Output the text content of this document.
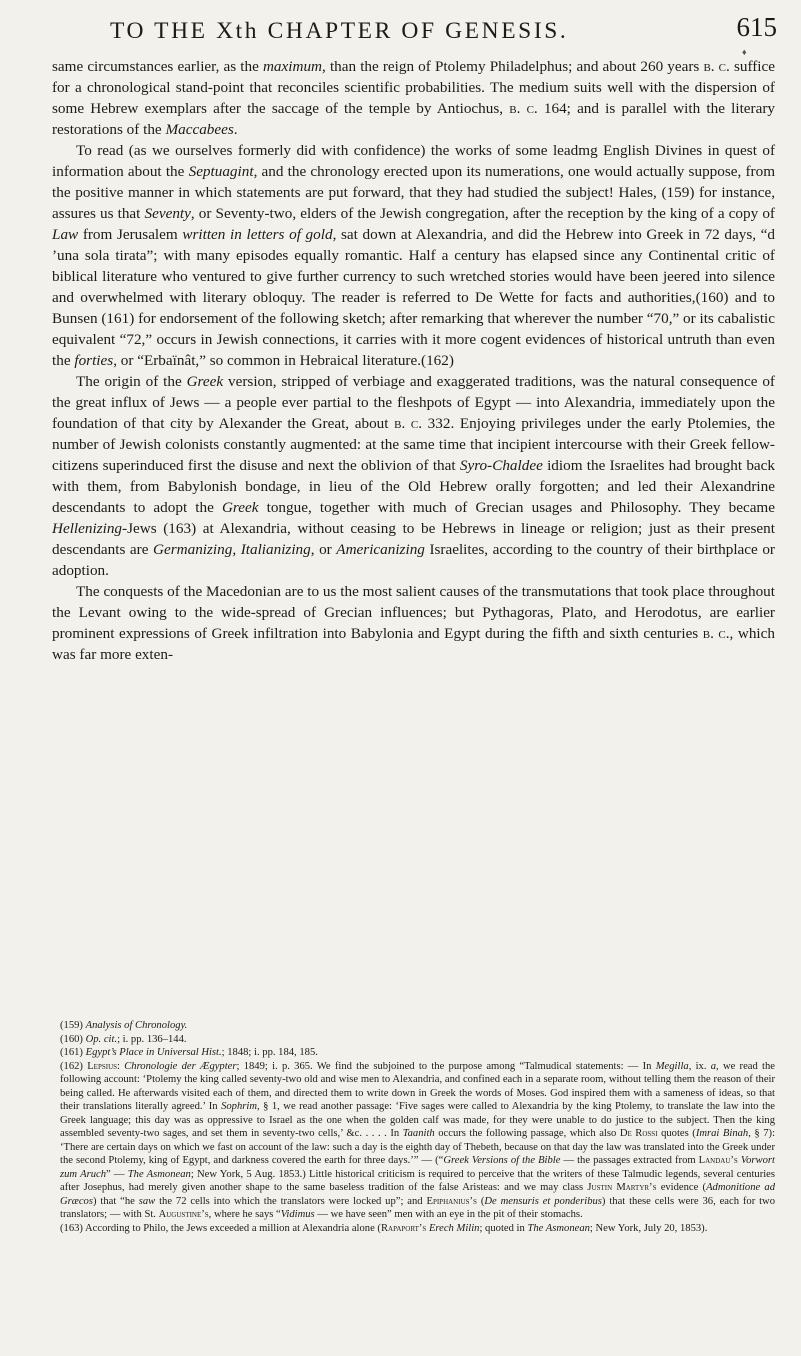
TO THE Xth CHAPTER OF GENESIS.	615
♦

same circumstances earlier, as the maximum, than the reign of Ptolemy Philadelphus; and about 260 years b. c. suffice for a chronological stand-point that reconciles scientific probabilities. The medium suits well with the dispersion of some Hebrew exemplars after the saccage of the temple by Antiochus, b. c. 164; and is parallel with the literary restorations of the Maccabees.

To read (as we ourselves formerly did with confidence) the works of some leadmg English Divines in quest of information about the Septuagint, and the chronology erected upon its numerations, one would actually suppose, from the positive manner in which statements are put forward, that they had studied the subject! Hales, (159) for instance, assures us that Seventy, or Seventy-two, elders of the Jewish congregation, after the reception by the king of a copy of Law from Jerusalem written in letters of gold, sat down at Alexandria, and did the Hebrew into Greek in 72 days, “d ’una sola tirata”; with many episodes equally romantic. Half a century has elapsed since any Continental critic of biblical literature who ventured to give further currency to such wretched stories would have been jeered into silence and overwhelmed with literary obloquy. The reader is referred to De Wette for facts and authorities,(160) and to Bunsen (161) for endorsement of the following sketch; after remarking that wherever the number “70,” or its cabalistic equivalent “72,” occurs in Jewish connections, it carries with it more cogent evidences of historical untruth than even the forties, or “Erbaïnât,” so common in Hebraical literature.(162)

The origin of the Greek version, stripped of verbiage and exaggerated traditions, was the natural consequence of the great influx of Jews — a people ever partial to the fleshpots of Egypt — into Alexandria, immediately upon the foundation of that city by Alexander the Great, about b. c. 332. Enjoying privileges under the early Ptolemies, the number of Jewish colonists constantly augmented: at the same time that incipient intercourse with their Greek fellow-citizens superinduced first the disuse and next the oblivion of that Syro-Chaldee idiom the Israelites had brought back with them, from Babylonish bondage, in lieu of the Old Hebrew orally forgotten; and led their Alexandrine descendants to adopt the Greek tongue, together with much of Grecian usages and Philosophy. They became Hellenizing-Jews (163) at Alexandria, without ceasing to be Hebrews in lineage or religion; just as their present descendants are Germanizing, Italianizing, or Americanizing Israelites, according to the country of their birthplace or adoption.

The conquests of the Macedonian are to us the most salient causes of the transmutations that took place throughout the Levant owing to the wide-spread of Grecian influences; but Pythagoras, Plato, and Herodotus, are earlier prominent expressions of Greek infiltration into Babylonia and Egypt during the fifth and sixth centuries b. c., which was far more exten-

(159) Analysis of Chronology.

(160) Op. cit.; i. pp. 136–144.

(161) Egypt’s Place in Universal Hist.; 1848; i. pp. 184, 185.

(162) Lepsius: Chronologie der Ægypter; 1849; i. p. 365. We find the subjoined to the purpose among “Talmudical statements: — In Megilla, ix. a, we read the following account: ‘Ptolemy the king called seventy-two old and wise men to Alexandria, and confined each in a separate room, without telling them the reason of their being called. He afterwards visited each of them, and directed them to write down in Greek the words of Moses. God inspired them with a sameness of ideas, so that their translations literally agreed.’ In Sophrim, § 1, we read another passage: ‘Five sages were called to Alexandria by the king Ptolemy, to translate the law into the Greek language; this day was as oppressive to Israel as the one when the golden calf was made, for they were unable to do justice to the subject. Then the king assembled seventy-two sages, and set them in seventy-two cells,’ &c. . . . . In Taanith occurs the following passage, which also De Rossi quotes (Imrai Binah, § 7): ‘There are certain days on which we fast on account of the law: such a day is the eighth day of Thebeth, because on that day the law was translated into the Greek under the second Ptolemy, king of Egypt, and darkness covered the earth for three days.’” — (“Greek Versions of the Bible — the passages extracted from Landau’s Vorwort zum Aruch” — The Asmonean; New York, 5 Aug. 1853.) Little historical criticism is required to perceive that the writers of these Talmudic legends, several centuries after Josephus, had merely given another shape to the same baseless tradition of the false Aristeas: and we may class Justin Martyr’s evidence (Admonitione ad Græcos) that “he saw the 72 cells into which the translators were locked up”; and Epiphanius’s (De mensuris et ponderibus) that these cells were 36, each for two translators; — with St. Augustine’s, where he says “Vidimus — we have seen” men with an eye in the pit of their stomachs.

(163) According to Philo, the Jews exceeded a million at Alexandria alone (Rapaport’s Erech Milin; quoted in The Asmonean; New York, July 20, 1853).
